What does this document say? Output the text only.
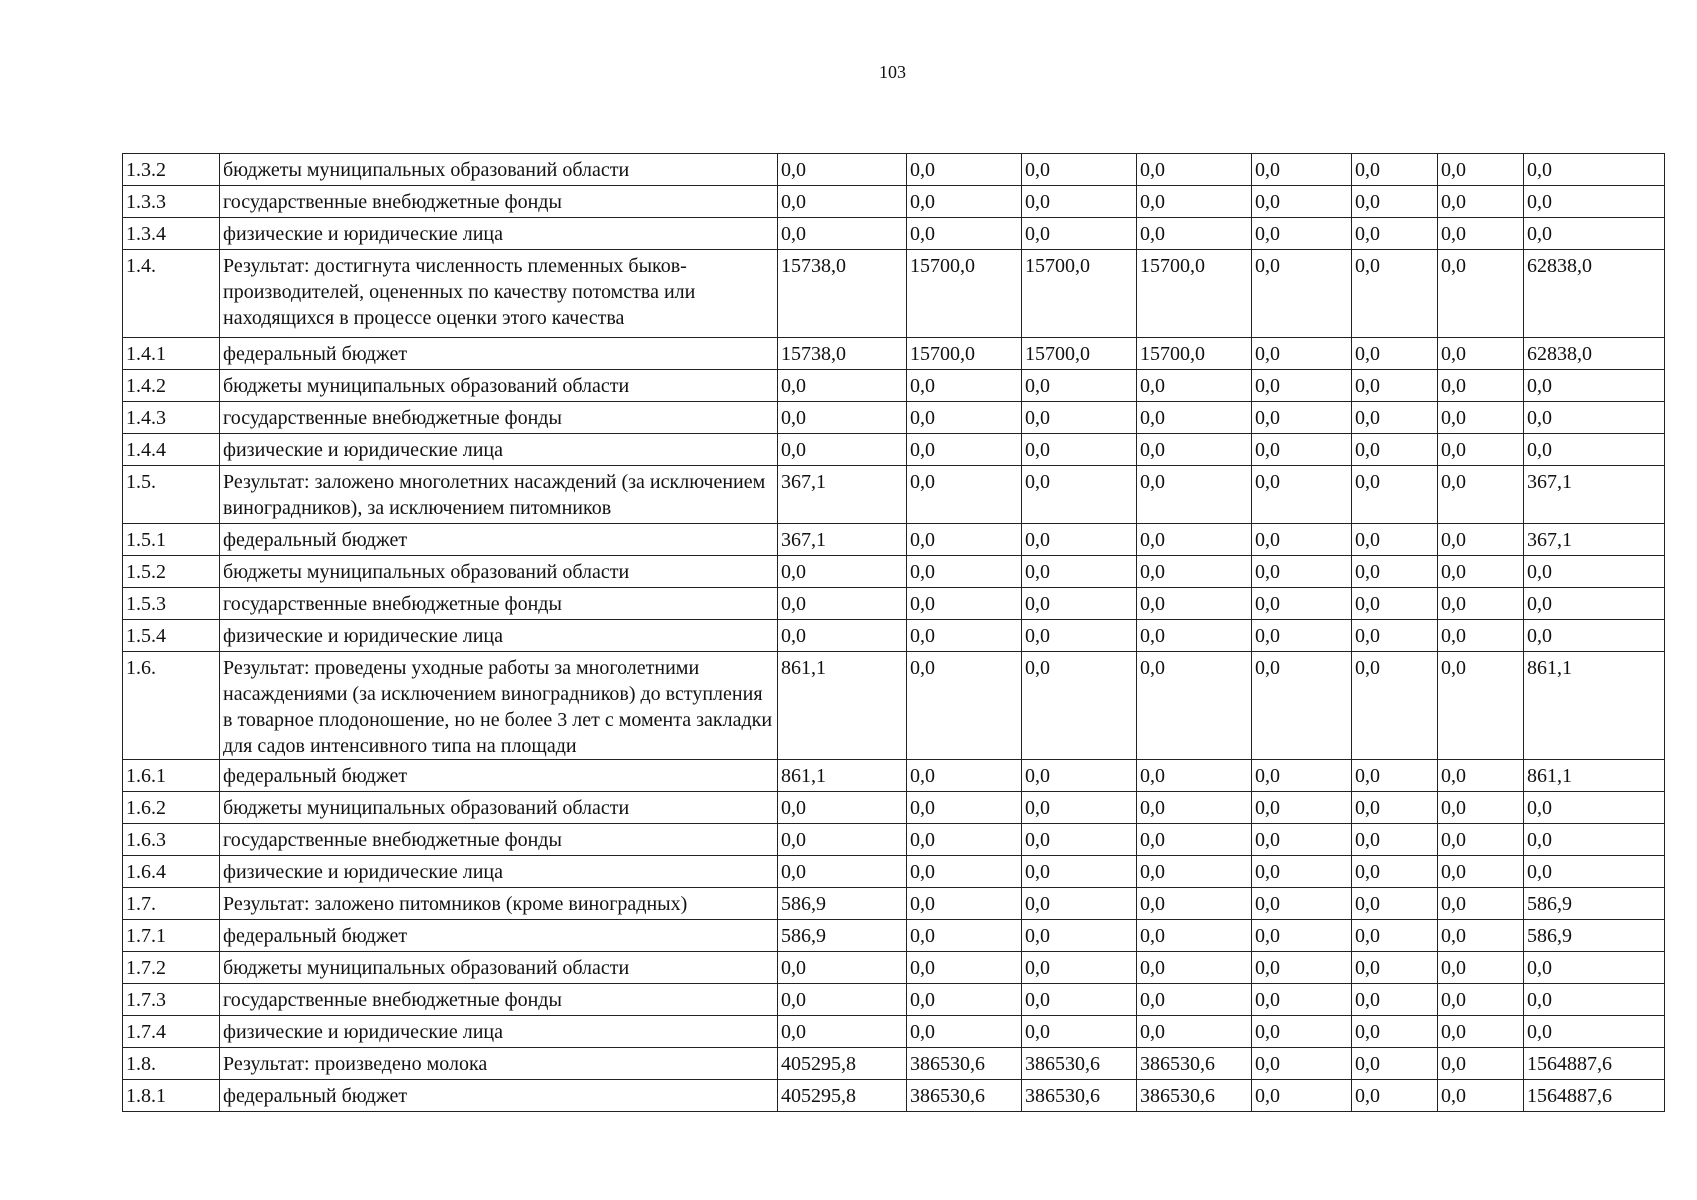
103
1.3.2	бюджеты муниципальных образований области	0,0	0,0	0,0	0,0	0,0	0,0	0,0	0,0
1.3.3	государственные внебюджетные фонды	0,0	0,0	0,0	0,0	0,0	0,0	0,0	0,0
1.3.4	физические и юридические лица	0,0	0,0	0,0	0,0	0,0	0,0	0,0	0,0
1.4.	Результат: достигнута численность племенных быков-производителей, оцененных по качеству потомства или находящихся в процессе оценки этого качества	15738,0	15700,0	15700,0	15700,0	0,0	0,0	0,0	62838,0
1.4.1	федеральный бюджет	15738,0	15700,0	15700,0	15700,0	0,0	0,0	0,0	62838,0
1.4.2	бюджеты муниципальных образований области	0,0	0,0	0,0	0,0	0,0	0,0	0,0	0,0
1.4.3	государственные внебюджетные фонды	0,0	0,0	0,0	0,0	0,0	0,0	0,0	0,0
1.4.4	физические и юридические лица	0,0	0,0	0,0	0,0	0,0	0,0	0,0	0,0
1.5.	Результат: заложено многолетних насаждений (за исключением виноградников), за исключением питомников	367,1	0,0	0,0	0,0	0,0	0,0	0,0	367,1
1.5.1	федеральный бюджет	367,1	0,0	0,0	0,0	0,0	0,0	0,0	367,1
1.5.2	бюджеты муниципальных образований области	0,0	0,0	0,0	0,0	0,0	0,0	0,0	0,0
1.5.3	государственные внебюджетные фонды	0,0	0,0	0,0	0,0	0,0	0,0	0,0	0,0
1.5.4	физические и юридические лица	0,0	0,0	0,0	0,0	0,0	0,0	0,0	0,0
1.6.	Результат: проведены уходные работы за многолетними насаждениями (за исключением виноградников) до вступления в товарное плодоношение, но не более 3 лет с момента закладки для садов интенсивного типа на площади	861,1	0,0	0,0	0,0	0,0	0,0	0,0	861,1
1.6.1	федеральный бюджет	861,1	0,0	0,0	0,0	0,0	0,0	0,0	861,1
1.6.2	бюджеты муниципальных образований области	0,0	0,0	0,0	0,0	0,0	0,0	0,0	0,0
1.6.3	государственные внебюджетные фонды	0,0	0,0	0,0	0,0	0,0	0,0	0,0	0,0
1.6.4	физические и юридические лица	0,0	0,0	0,0	0,0	0,0	0,0	0,0	0,0
1.7.	Результат: заложено питомников (кроме виноградных)	586,9	0,0	0,0	0,0	0,0	0,0	0,0	586,9
1.7.1	федеральный бюджет	586,9	0,0	0,0	0,0	0,0	0,0	0,0	586,9
1.7.2	бюджеты муниципальных образований области	0,0	0,0	0,0	0,0	0,0	0,0	0,0	0,0
1.7.3	государственные внебюджетные фонды	0,0	0,0	0,0	0,0	0,0	0,0	0,0	0,0
1.7.4	физические и юридические лица	0,0	0,0	0,0	0,0	0,0	0,0	0,0	0,0
1.8.	Результат: произведено молока	405295,8	386530,6	386530,6	386530,6	0,0	0,0	0,0	1564887,6
1.8.1	федеральный бюджет	405295,8	386530,6	386530,6	386530,6	0,0	0,0	0,0	1564887,6
